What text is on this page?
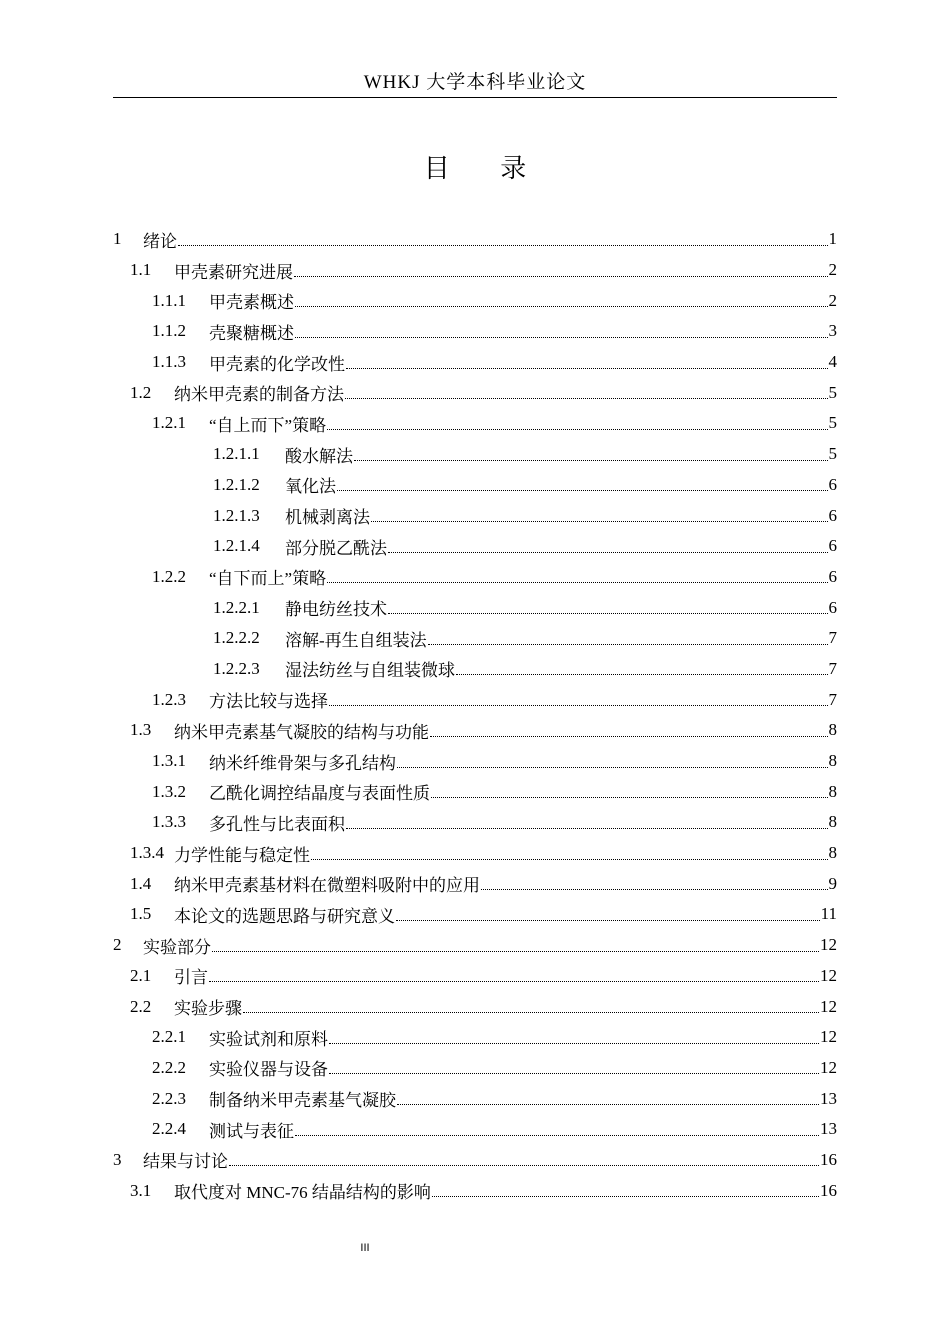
WHKJ 大学本科毕业论文
目 录
1	绪论	1
1.1	甲壳素研究进展	2
1.1.1	甲壳素概述	2
1.1.2	壳聚糖概述	3
1.1.3	甲壳素的化学改性	4
1.2	纳米甲壳素的制备方法	5
1.2.1	“自上而下”策略	5
1.2.1.1	酸水解法	5
1.2.1.2	氧化法	6
1.2.1.3	机械剥离法	6
1.2.1.4	部分脱乙酰法	6
1.2.2	“自下而上”策略	6
1.2.2.1	静电纺丝技术	6
1.2.2.2	溶解-再生自组装法	7
1.2.2.3	湿法纺丝与自组装微球	7
1.2.3	方法比较与选择	7
1.3	纳米甲壳素基气凝胶的结构与功能	8
1.3.1	纳米纤维骨架与多孔结构	8
1.3.2	乙酰化调控结晶度与表面性质	8
1.3.3	多孔性与比表面积	8
1.3.4 力学性能与稳定性	8
1.4	纳米甲壳素基材料在微塑料吸附中的应用	9
1.5	本论文的选题思路与研究意义	11
2	实验部分	12
2.1	引言	12
2.2	实验步骤	12
2.2.1	实验试剂和原料	12
2.2.2	实验仪器与设备	12
2.2.3	制备纳米甲壳素基气凝胶	13
2.2.4	测试与表征	13
3	结果与讨论	16
3.1	取代度对 MNC-76 结晶结构的影响	16
III
